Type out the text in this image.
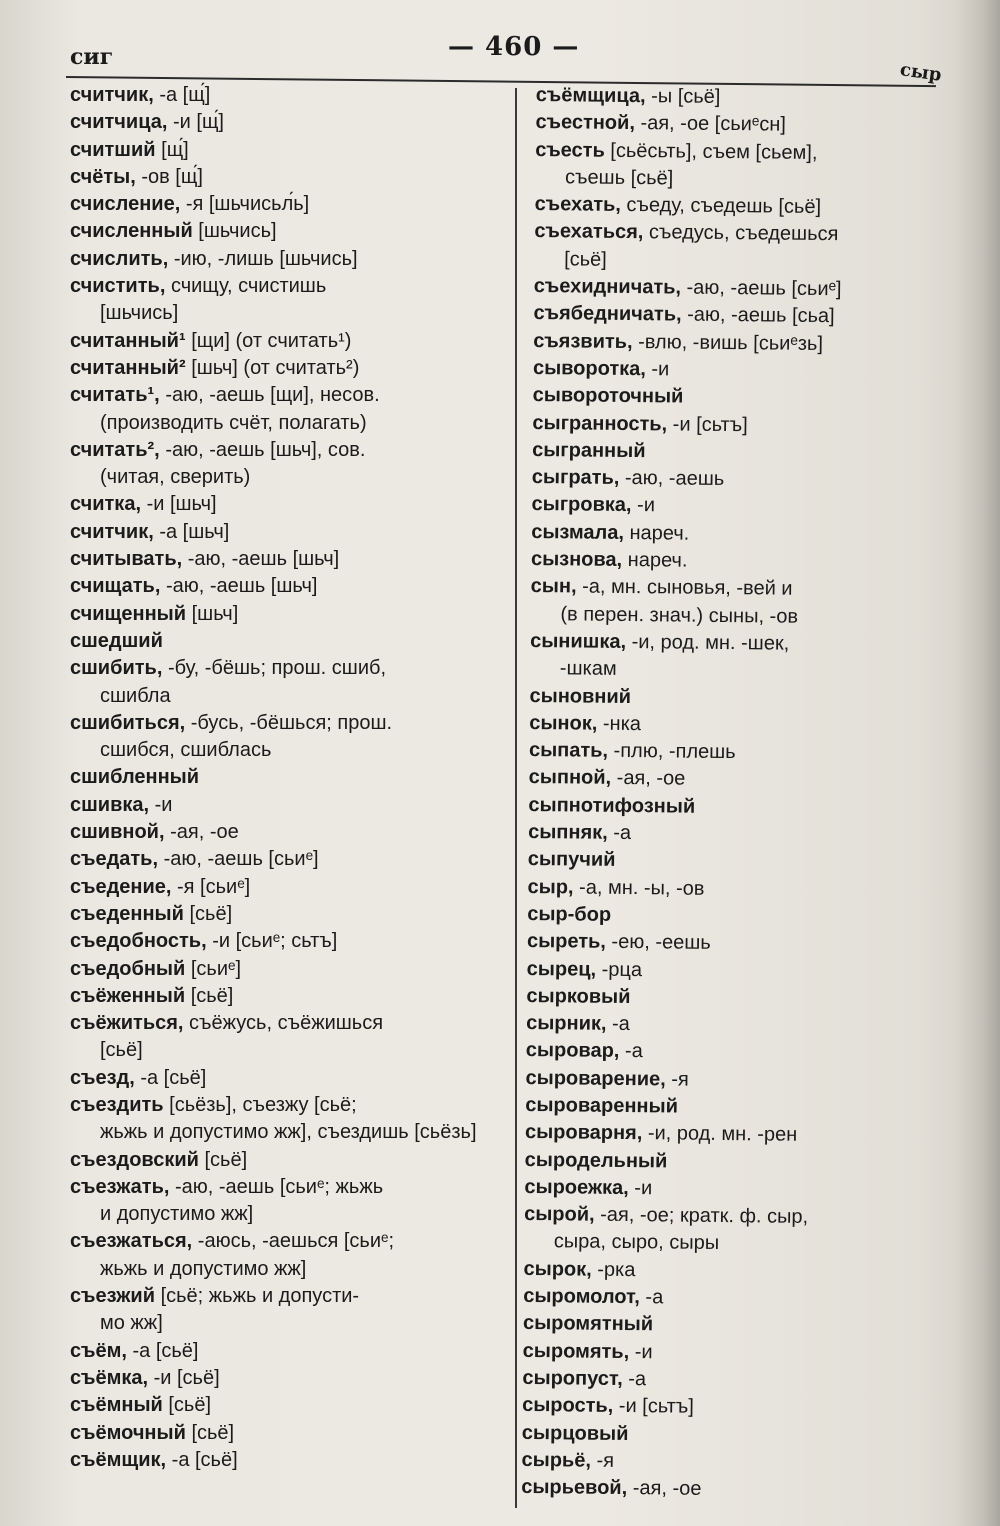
сиг	— 460 —
сыр
считчик, -а [щ́]
считчица, -и [щ́]
считший [щ́]
счёты, -ов [щ́]
счисление, -я [шьчиcьл́ь]
счисленный [шьчиcь]
счислить, -ию, -лишь [шьчиcь]
счистить, счищу, счистишь
[шьчиcь]
считанный¹ [щи] (от считать¹)
считанный² [шьч] (от считать²)
считать¹, -аю, -аешь [щи], несов.
(производить счёт, полагать)
считать², -аю, -аешь [шьч], сов.
(читая, сверить)
считка, -и [шьч]
считчик, -а [шьч]
считывать, -аю, -аешь [шьч]
счищать, -аю, -аешь [шьч]
счищенный [шьч]
сшедший
сшибить, -бу, -бёшь; прош. сшиб,
сшибла
сшибиться, -бусь, -бёшься; прош.
сшибся, сшиблась
сшибленный
сшивка, -и
сшивной, -ая, -ое
съедать, -аю, -аешь [сьиᵉ]
съедение, -я [сьиᵉ]
съеденный [сьё]
съедобность, -и [сьиᵉ; сьтъ]
съедобный [сьиᵉ]
съёженный [сьё]
съёжиться, съёжусь, съёжишься
[сьё]
съезд, -а [сьё]
съездить [сьёзь], съезжу [сьё;
жьжь и допустимо жж], съездишь [сьёзь]
съездовский [сьё]
съезжать, -аю, -аешь [сьиᵉ; жьжь
и допустимо жж]
съезжаться, -аюсь, -аешься [сьиᵉ;
жьжь и допустимо жж]
съезжий [сьё; жьжь и допусти-
мо жж]
съём, -а [сьё]
съёмка, -и [сьё]
съёмный [сьё]
съёмочный [сьё]
съёмщик, -а [сьё]
съёмщица, -ы [сьё]
съестной, -ая, -ое [сьиᵉсн]
съесть [сьёсьть], съем [сьем],
съешь [сьё]
съехать, съеду, съедешь [сьё]
съехаться, съедусь, съедешься
[сьё]
съехидничать, -аю, -аешь [сьиᵉ]
съябедничать, -аю, -аешь [сьа]
съязвить, -влю, -вишь [сьиᵉзь]
сыворотка, -и
сывороточный
сыгранность, -и [сьтъ]
сыгранный
сыграть, -аю, -аешь
сыгровка, -и
сызмала, нареч.
сызнова, нареч.
сын, -а, мн. сыновья, -вей и
(в перен. знач.) сыны, -ов
сынишка, -и, род. мн. -шек,
-шкам
сыновний
сынок, -нка
сыпать, -плю, -плешь
сыпной, -ая, -ое
сыпнотифозный
сыпняк, -а
сыпучий
сыр, -а, мн. -ы, -ов
сыр-бор
сыреть, -ею, -еешь
сырец, -рца
сырковый
сырник, -а
сыровар, -а
сыроварение, -я
сыроваренный
сыроварня, -и, род. мн. -рен
сыродельный
сыроежка, -и
сырой, -ая, -ое; кратк. ф. сыр,
сыра, сыро, сыры
сырок, -рка
сыромолот, -а
сыромятный
сыромять, -и
сыропуст, -а
сырость, -и [сьтъ]
сырцовый
сырьё, -я
сырьевой, -ая, -ое
